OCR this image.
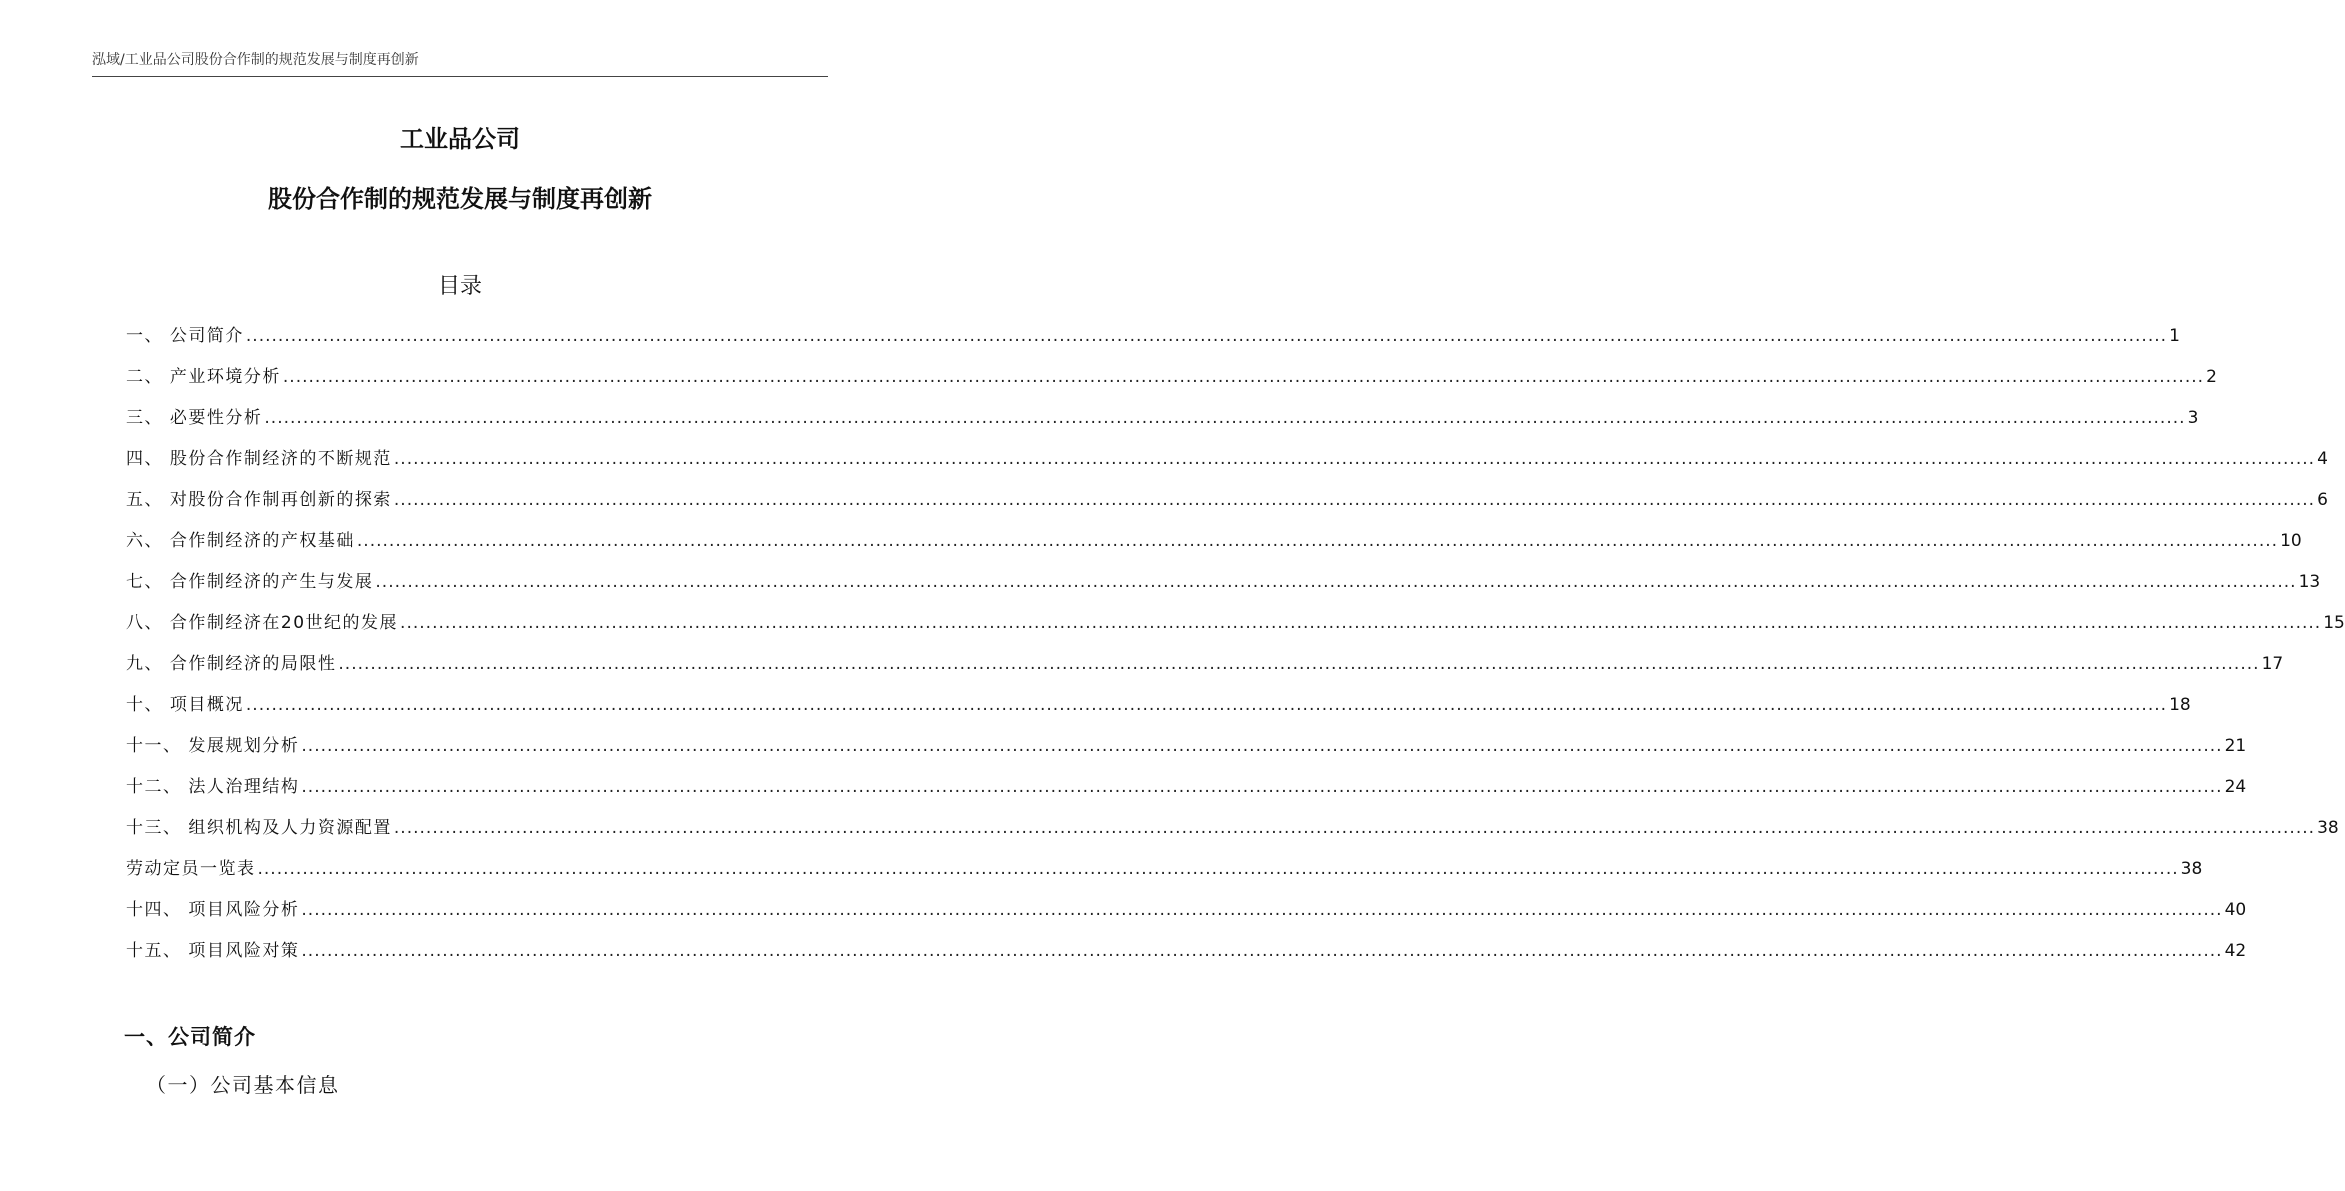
泓域/工业品公司股份合作制的规范发展与制度再创新
工业品公司
股份合作制的规范发展与制度再创新
目录
一、 公司简介 ............................................................................................................................................................................................................................................................................................................ 1
二、 产业环境分析 ............................................................................................................................................................................................................................................................................................................ 2
三、 必要性分析 ............................................................................................................................................................................................................................................................................................................ 3
四、 股份合作制经济的不断规范 ............................................................................................................................................................................................................................................................................................................ 4
五、 对股份合作制再创新的探索 ............................................................................................................................................................................................................................................................................................................ 6
六、 合作制经济的产权基础 ............................................................................................................................................................................................................................................................................................................ 10
七、 合作制经济的产生与发展 ............................................................................................................................................................................................................................................................................................................ 13
八、 合作制经济在20世纪的发展 ............................................................................................................................................................................................................................................................................................................ 15
九、 合作制经济的局限性 ............................................................................................................................................................................................................................................................................................................ 17
十、 项目概况 ............................................................................................................................................................................................................................................................................................................ 18
十一、 发展规划分析 ............................................................................................................................................................................................................................................................................................................ 21
十二、 法人治理结构 ............................................................................................................................................................................................................................................................................................................ 24
十三、 组织机构及人力资源配置 ............................................................................................................................................................................................................................................................................................................ 38
劳动定员一览表 ............................................................................................................................................................................................................................................................................................................ 38
十四、 项目风险分析 ............................................................................................................................................................................................................................................................................................................ 40
十五、 项目风险对策 ............................................................................................................................................................................................................................................................................................................ 42
一、公司简介
（一）公司基本信息
